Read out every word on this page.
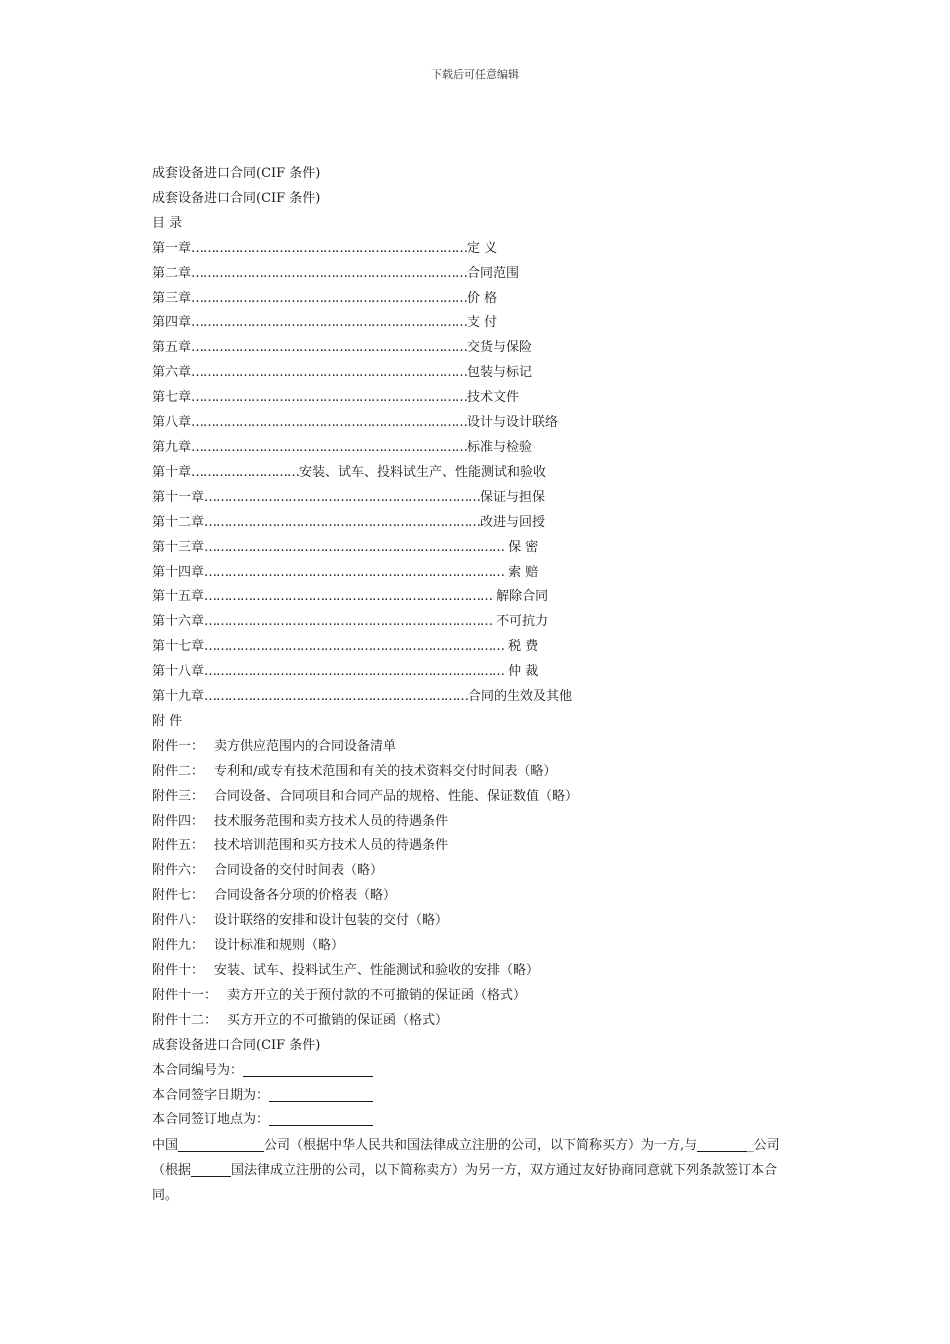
下载后可任意编辑
成套设备进口合同(CIF 条件)
成套设备进口合同(CIF 条件)
目 录
第一章 …………………………………………………………… 定 义
第二章 …………………………………………………………… 合同范围
第三章 …………………………………………………………… 价 格
第四章 …………………………………………………………… 支 付
第五章 …………………………………………………………… 交货与保险
第六章 …………………………………………………………… 包装与标记
第七章 …………………………………………………………… 技术文件
第八章 …………………………………………………………… 设计与设计联络
第九章 …………………………………………………………… 标准与检验
第十章 ……………………… 安装、试车、投料试生产、性能测试和验收
第十一章 …………………………………………………………… 保证与担保
第十二章 …………………………………………………………… 改进与回授
第十三章 ………………………………………………………………… 保 密
第十四章 ………………………………………………………………… 索 赔
第十五章 ……………………………………………………………… 解除合同
第十六章 ……………………………………………………………… 不可抗力
第十七章 ………………………………………………………………… 税 费
第十八章 ………………………………………………………………… 仲 裁
第十九章 ………………………………………………………… 合同的生效及其他
附 件
附件一： 卖方供应范围内的合同设备清单
附件二： 专利和/或专有技术范围和有关的技术资料交付时间表（略）
附件三： 合同设备、合同项目和合同产品的规格、性能、保证数值（略）
附件四： 技术服务范围和卖方技术人员的待遇条件
附件五： 技术培训范围和买方技术人员的待遇条件
附件六： 合同设备的交付时间表（略）
附件七： 合同设备各分项的价格表（略）
附件八： 设计联络的安排和设计包装的交付（略）
附件九： 设计标准和规则（略）
附件十： 安装、试车、投料试生产、性能测试和验收的安排（略）
附件十一： 卖方开立的关于预付款的不可撤销的保证函（格式）
附件十二： 买方开立的不可撤销的保证函（格式）
成套设备进口合同(CIF 条件)
本合同编号为：
本合同签字日期为：
本合同签订地点为：
中国	公司（根据中华人民共和国法律成立注册的公司，以下简称买方）为一方,与	_公司（根据	国法律成立注册的公司，以下简称卖方）为另一方，双方通过友好协商同意就下列条款签订本合同。
